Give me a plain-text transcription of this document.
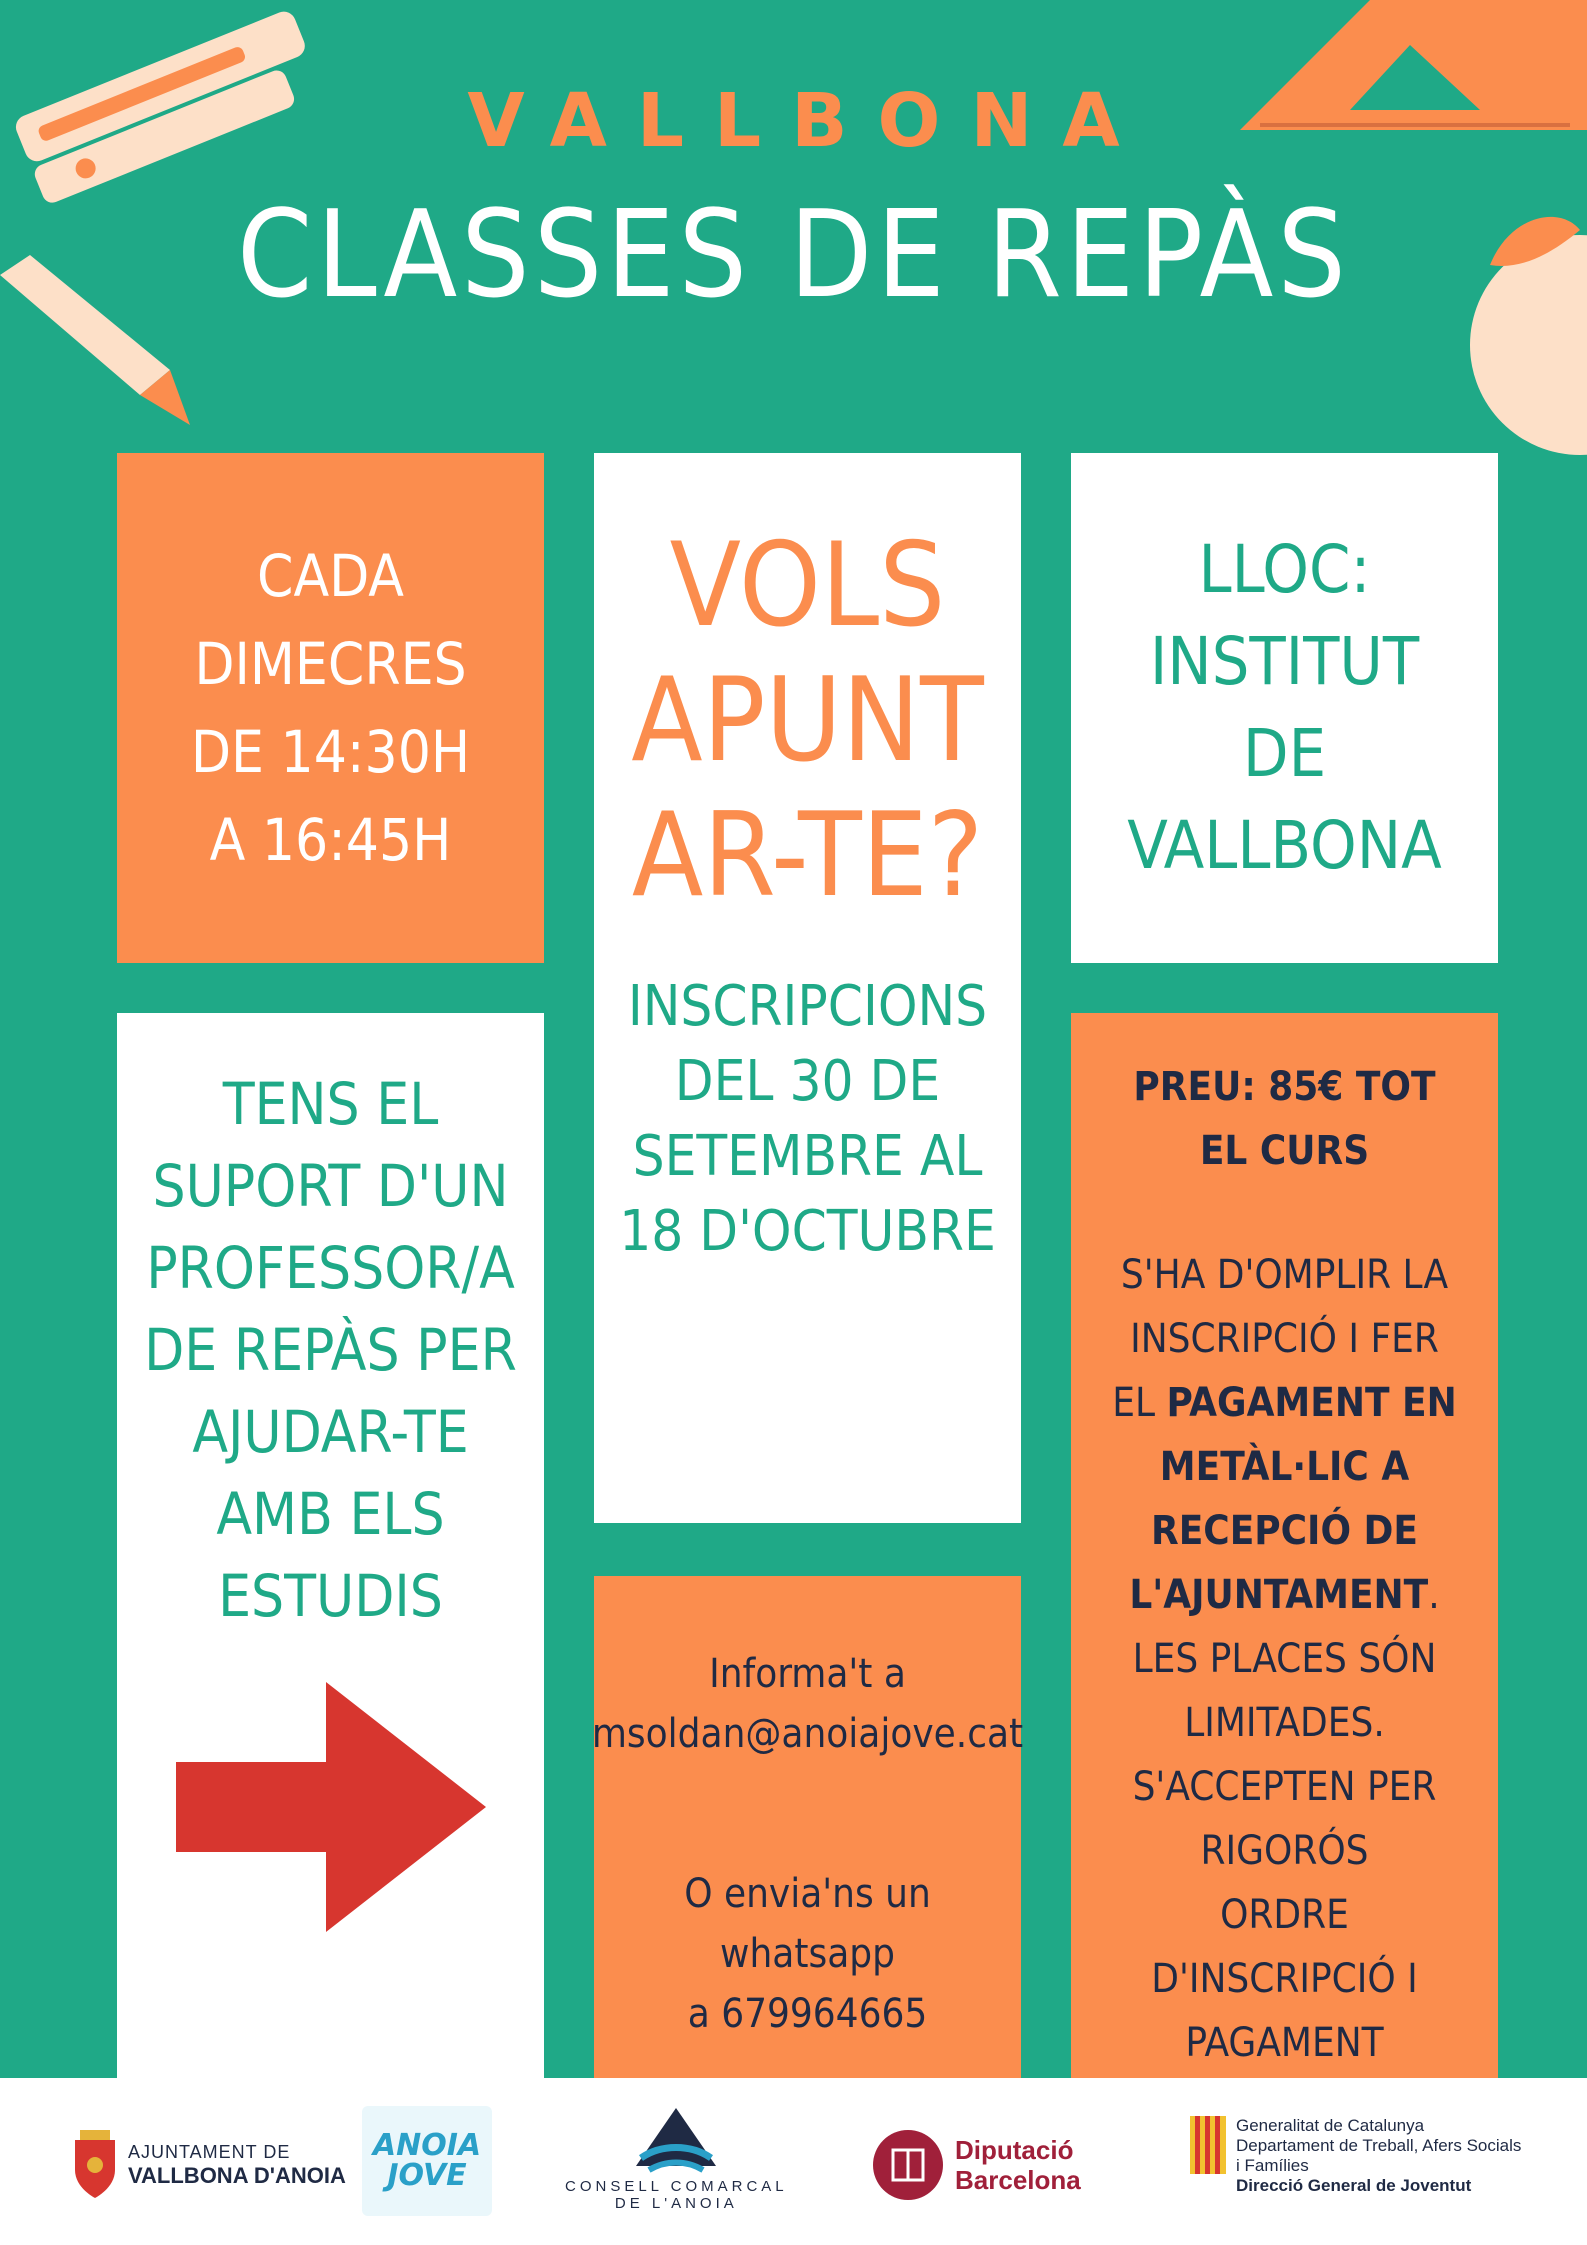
VALLBONA
CLASSES DE REPÀS
CADA
DIMECRES
DE 14:30H
A 16:45H
VOLS
APUNT
AR-TE?
INSCRIPCIONS
DEL 30 DE
SETEMBRE AL
18 D'OCTUBRE
LLOC:
INSTITUT
DE
VALLBONA
TENS EL
SUPORT D'UN
PROFESSOR/A
DE REPÀS PER
AJUDAR-TE
AMB ELS
ESTUDIS
Informa't a
msoldan@anoiajove.cat
O envia'ns un whatsapp
a 679964665
PREU: 85€ TOT
EL CURS
S'HA D'OMPLIR LA
INSCRIPCIÓ I FER
EL PAGAMENT EN
METÀL·LIC A
RECEPCIÓ DE
L'AJUNTAMENT.
LES PLACES SÓN
LIMITADES.
S'ACCEPTEN PER
RIGORÓS
ORDRE
D'INSCRIPCIÓ I
PAGAMENT
AJUNTAMENT DE
VALLBONA D'ANOIA
ANOIA JOVE	CONSELL COMARCAL
DE L'ANOIA
Diputació
Barcelona
Generalitat de Catalunya
Departament de Treball, Afers Socials
i Famílies
Direcció General de Joventut
